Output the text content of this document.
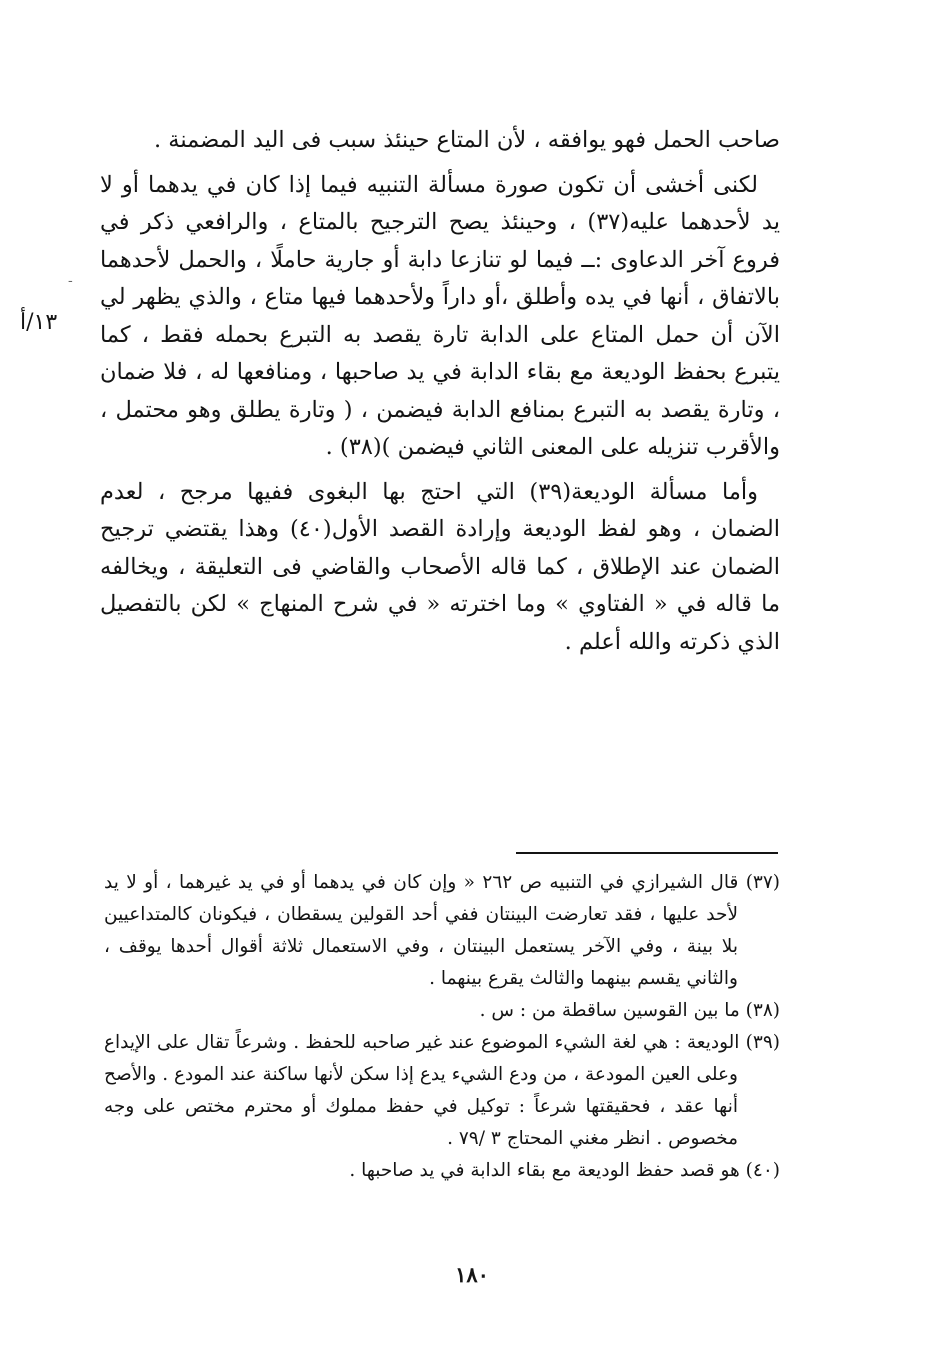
صاحب الحمل فهو يوافقه ، لأن المتاع حينئذ سبب فى اليد المضمنة .

لكنى أخشى أن تكون صورة مسألة التنبيه فيما إذا كان في يدهما أو لا يد لأحدهما عليه(٣٧) ، وحينئذ يصح الترجيح بالمتاع ، والرافعي ذكر في فروع آخر الدعاوى :ــ فيما لو تنازعا دابة أو جارية حاملًا ، والحمل لأحدهما بالاتفاق ، أنها في يده وأطلق ،أو داراً ولأحدهما فيها متاع ، والذي يظهر لي الآن أن حمل المتاع على الدابة تارة يقصد به التبرع بحمله فقط ، كما يتبرع بحفظ الوديعة مع بقاء الدابة في يد صاحبها ، ومنافعها له ، فلا ضمان ، وتارة يقصد به التبرع بمنافع الدابة فيضمن ، ( وتارة يطلق وهو محتمل ، والأقرب تنزيله على المعنى الثاني فيضمن )(٣٨) .

وأما مسألة الوديعة(٣٩) التي احتج بها البغوى ففيها مرجح ، لعدم الضمان ، وهو لفظ الوديعة وإرادة القصد الأول(٤٠) وهذا يقتضي ترجيح الضمان عند الإطلاق ، كما قاله الأصحاب والقاضي فى التعليقة ، ويخالفه ما قاله في « الفتاوي » وما اخترته « في شرح المنهاج » لكن بالتفصيل الذي ذكرته والله أعلم .

-
١٣/أ

(٣٧) قال الشيرازي في التنبيه ص ٢٦٢ « وإن كان في يدهما أو في يد غيرهما ، أو لا يد لأحد عليها ، فقد تعارضت البينتان ففي أحد القولين يسقطان ، فيكونان كالمتداعيين بلا بينة ، وفي الآخر يستعمل البينتان ، وفي الاستعمال ثلاثة أقوال أحدها يوقف ، والثاني يقسم بينهما والثالث يقرع بينهما .

(٣٨) ما بين القوسين ساقطة من : س .

(٣٩) الوديعة : هي لغة الشيء الموضوع عند غير صاحبه للحفظ . وشرعاً تقال على الإيداع وعلى العين المودعة ، من ودع الشيء يدع إذا سكن لأنها ساكنة عند المودع . والأصح أنها عقد ، فحقيقتها شرعاً : توكيل في حفظ مملوك أو محترم مختص على وجه مخصوص . انظر مغني المحتاج ٣ /٧٩ .

(٤٠) هو قصد حفظ الوديعة مع بقاء الدابة في يد صاحبها .

١٨٠
